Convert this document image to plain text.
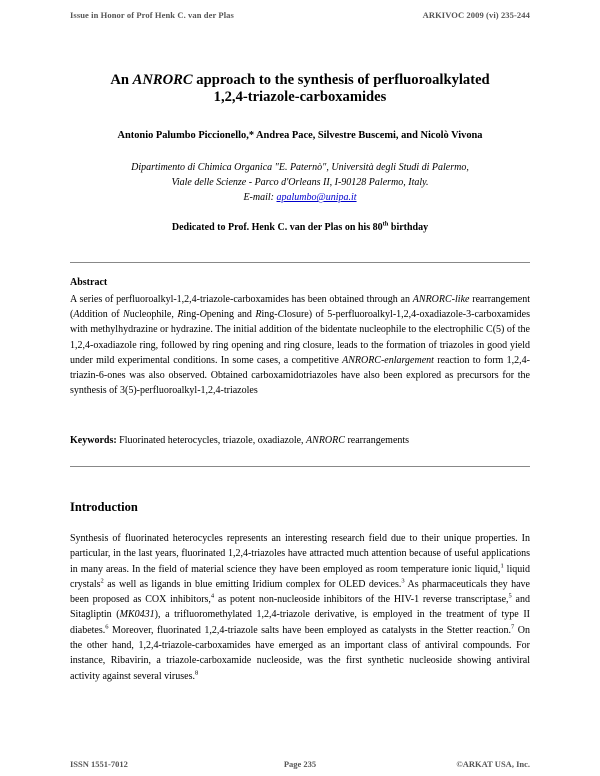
Issue in Honor of Prof Henk C. van der Plas	ARKIVOC 2009 (vi) 235-244
An ANRORC approach to the synthesis of perfluoroalkylated
1,2,4-triazole-carboxamides
Antonio Palumbo Piccionello,* Andrea Pace, Silvestre Buscemi, and Nicolò Vivona
Dipartimento di Chimica Organica "E. Paternò", Università degli Studi di Palermo,
Viale delle Scienze - Parco d'Orleans II, I-90128 Palermo, Italy.
E-mail: apalumbo@unipa.it
Dedicated to Prof. Henk C. van der Plas on his 80th birthday
Abstract
A series of perfluoroalkyl-1,2,4-triazole-carboxamides has been obtained through an ANRORC-like rearrangement (Addition of Nucleophile, Ring-Opening and Ring-Closure) of 5-perfluoroalkyl-1,2,4-oxadiazole-3-carboxamides with methylhydrazine or hydrazine. The initial addition of the bidentate nucleophile to the electrophilic C(5) of the 1,2,4-oxadiazole ring, followed by ring opening and ring closure, leads to the formation of triazoles in good yield under mild experimental conditions. In some cases, a competitive ANRORC-enlargement reaction to form 1,2,4-triazin-6-ones was also observed. Obtained carboxamidotriazoles have also been explored as precursors for the synthesis of 3(5)-perfluoroalkyl-1,2,4-triazoles
Keywords: Fluorinated heterocycles, triazole, oxadiazole, ANRORC rearrangements
Introduction
Synthesis of fluorinated heterocycles represents an interesting research field due to their unique properties. In particular, in the last years, fluorinated 1,2,4-triazoles have attracted much attention because of useful applications in many areas. In the field of material science they have been employed as room temperature ionic liquid,$^1$ liquid crystals$^2$ as well as ligands in blue emitting Iridium complex for OLED devices.$^3$ As pharmaceuticals they have been proposed as COX inhibitors,$^4$ as potent non-nucleoside inhibitors of the HIV-1 reverse transcriptase,$^5$ and Sitagliptin (MK0431), a trifluoromethylated 1,2,4-triazole derivative, is employed in the treatment of type II diabetes.$^6$ Moreover, fluorinated 1,2,4-triazole salts have been employed as catalysts in the Stetter reaction.$^7$ On the other hand, 1,2,4-triazole-carboxamides have emerged as an important class of antiviral compounds. For instance, Ribavirin, a triazole-carboxamide nucleoside, was the first synthetic nucleoside showing antiviral activity against several viruses.$^8$
ISSN 1551-7012	Page 235	©ARKAT USA, Inc.
